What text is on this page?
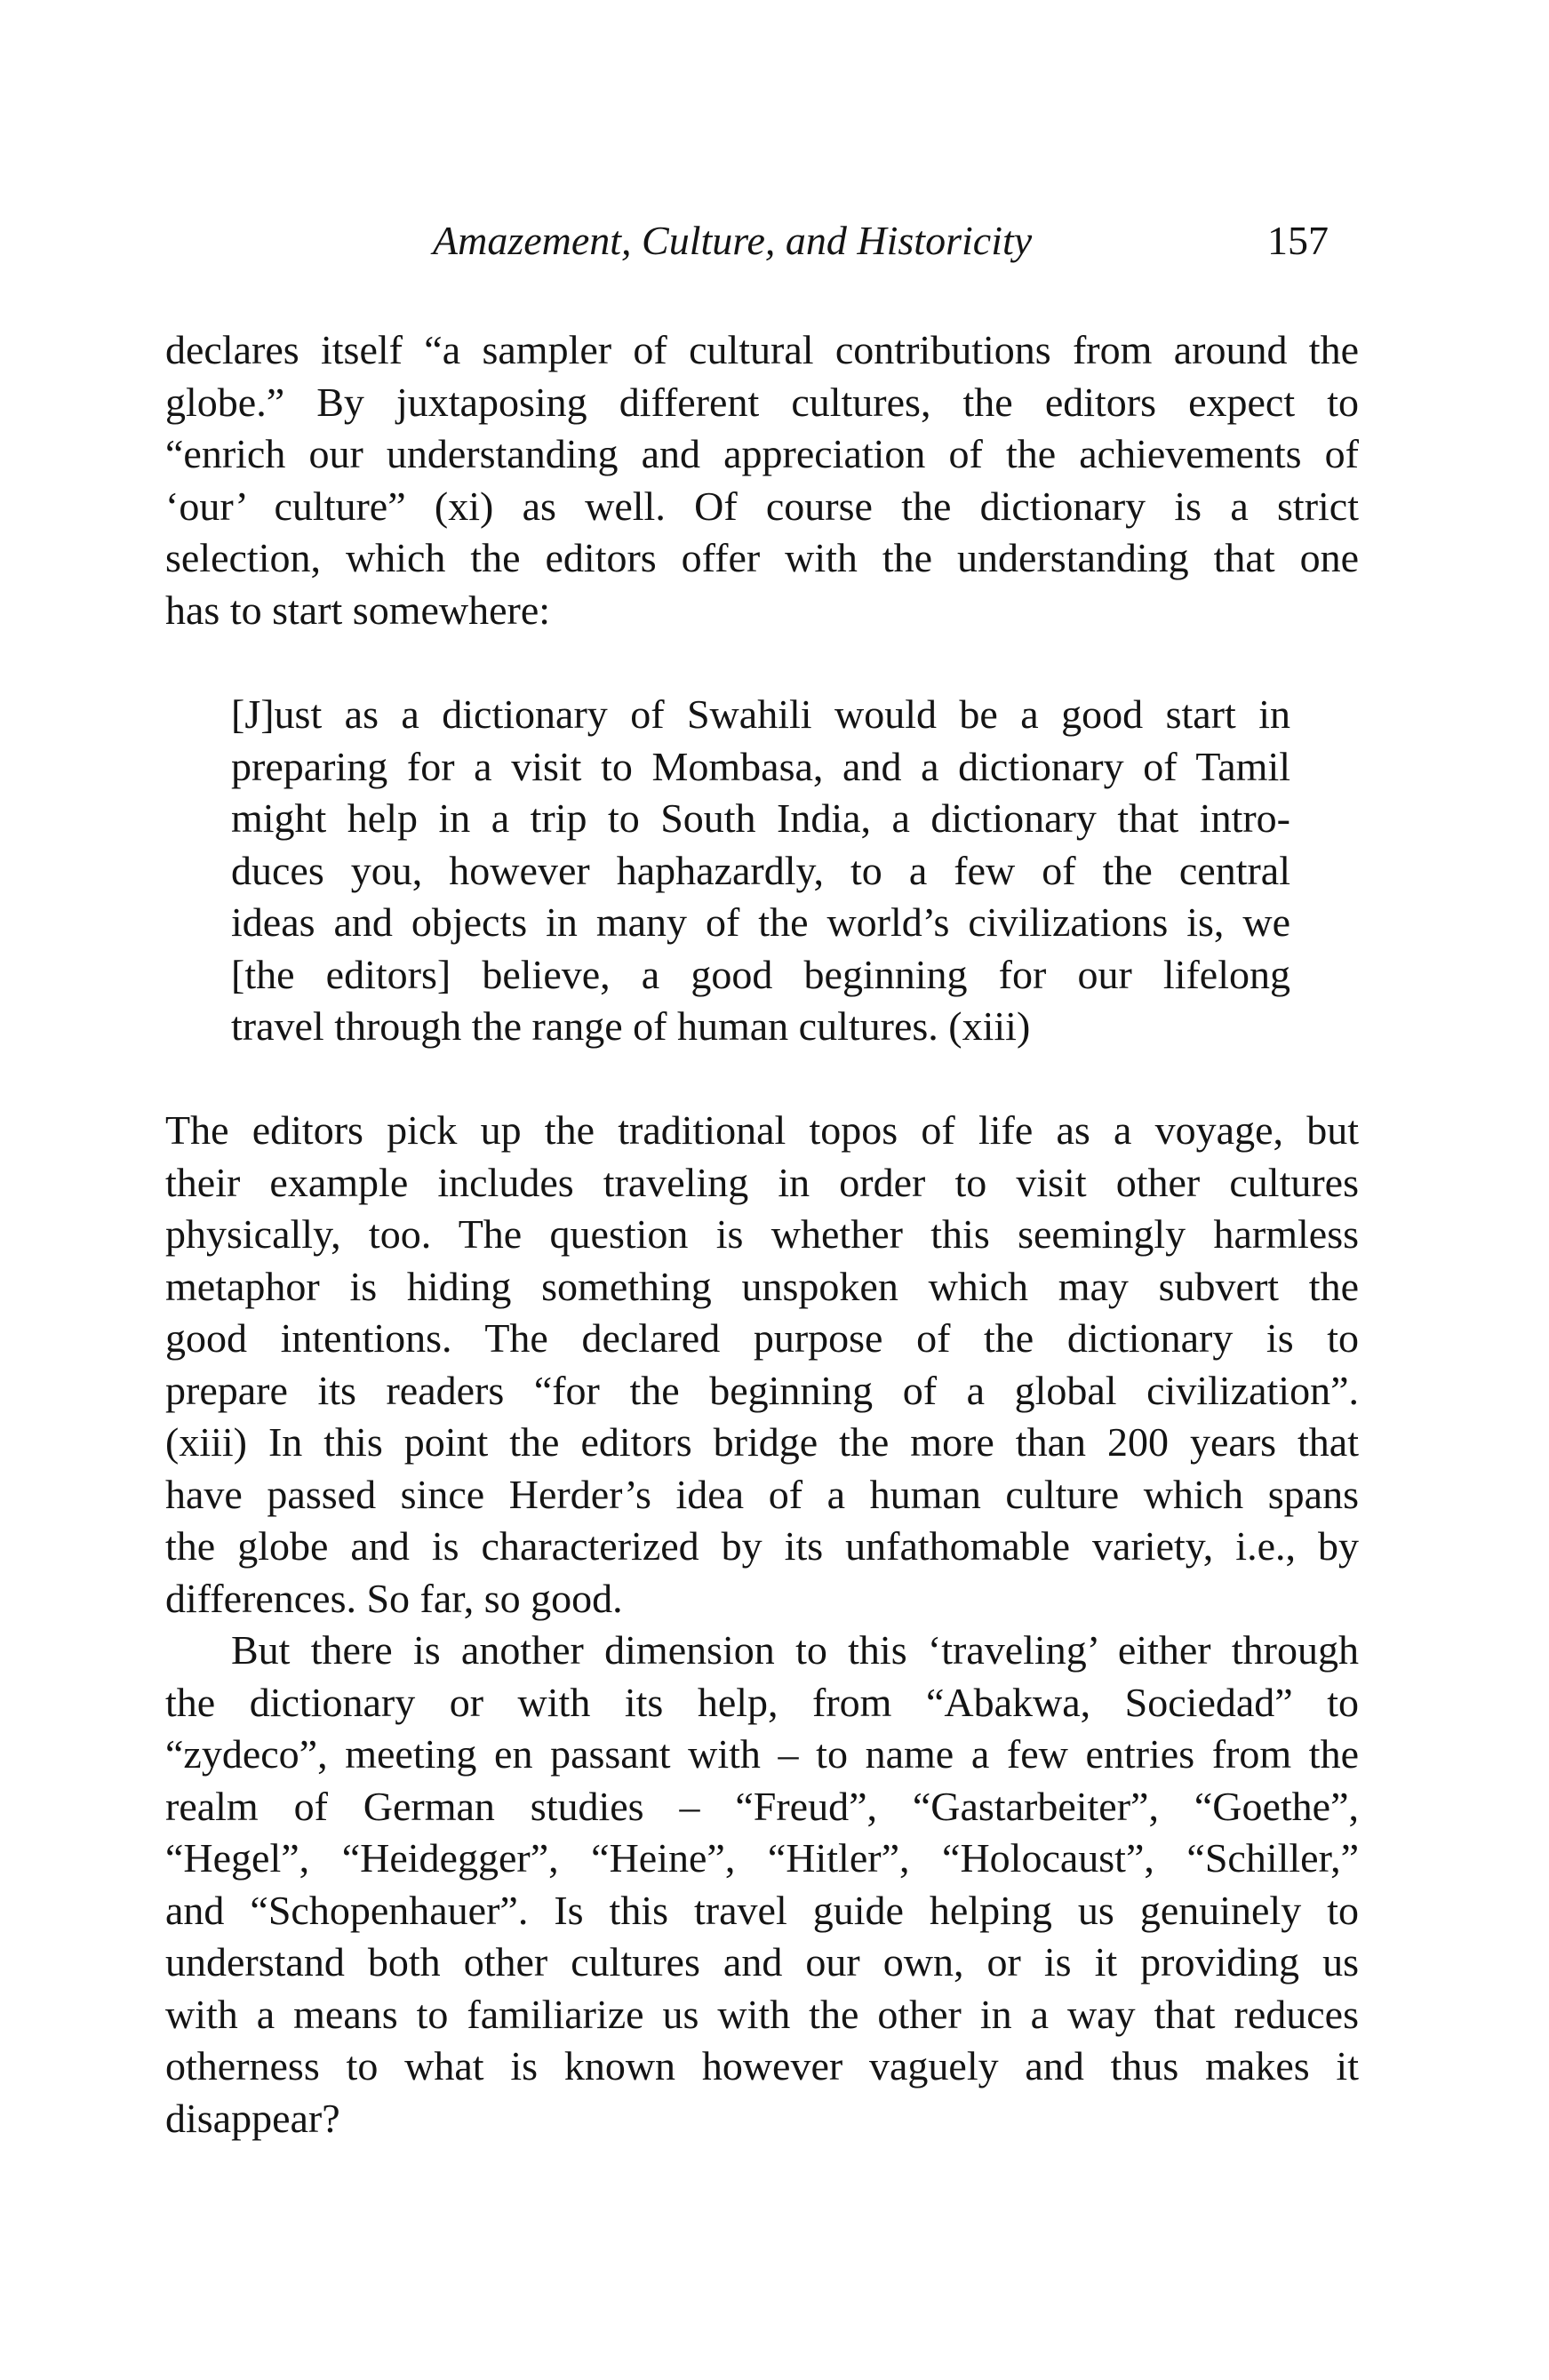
Amazement, Culture, and Historicity	157
declares itself “a sampler of cultural contributions from around the
globe.” By juxtaposing different cultures, the editors expect to
“enrich our understanding and appreciation of the achievements of
‘our’ culture” (xi) as well. Of course the dictionary is a strict
selection, which the editors offer with the understanding that one
has to start somewhere:
[J]ust as a dictionary of Swahili would be a good start in
preparing for a visit to Mombasa, and a dictionary of Tamil
might help in a trip to South India, a dictionary that intro-
duces you, however haphazardly, to a few of the central
ideas and objects in many of the world’s civilizations is, we
[the editors] believe, a good beginning for our lifelong
travel through the range of human cultures. (xiii)
The editors pick up the traditional topos of life as a voyage, but
their example includes traveling in order to visit other cultures
physically, too. The question is whether this seemingly harmless
metaphor is hiding something unspoken which may subvert the
good intentions. The declared purpose of the dictionary is to
prepare its readers “for the beginning of a global civilization”.
(xiii) In this point the editors bridge the more than 200 years that
have passed since Herder’s idea of a human culture which spans
the globe and is characterized by its unfathomable variety, i.e., by
differences. So far, so good.
But there is another dimension to this ‘traveling’ either through
the dictionary or with its help, from “Abakwa, Sociedad” to
“zydeco”, meeting en passant with – to name a few entries from the
realm of German studies – “Freud”, “Gastarbeiter”, “Goethe”,
“Hegel”, “Heidegger”, “Heine”, “Hitler”, “Holocaust”, “Schiller,”
and “Schopenhauer”. Is this travel guide helping us genuinely to
understand both other cultures and our own, or is it providing us
with a means to familiarize us with the other in a way that reduces
otherness to what is known however vaguely and thus makes it
disappear?
